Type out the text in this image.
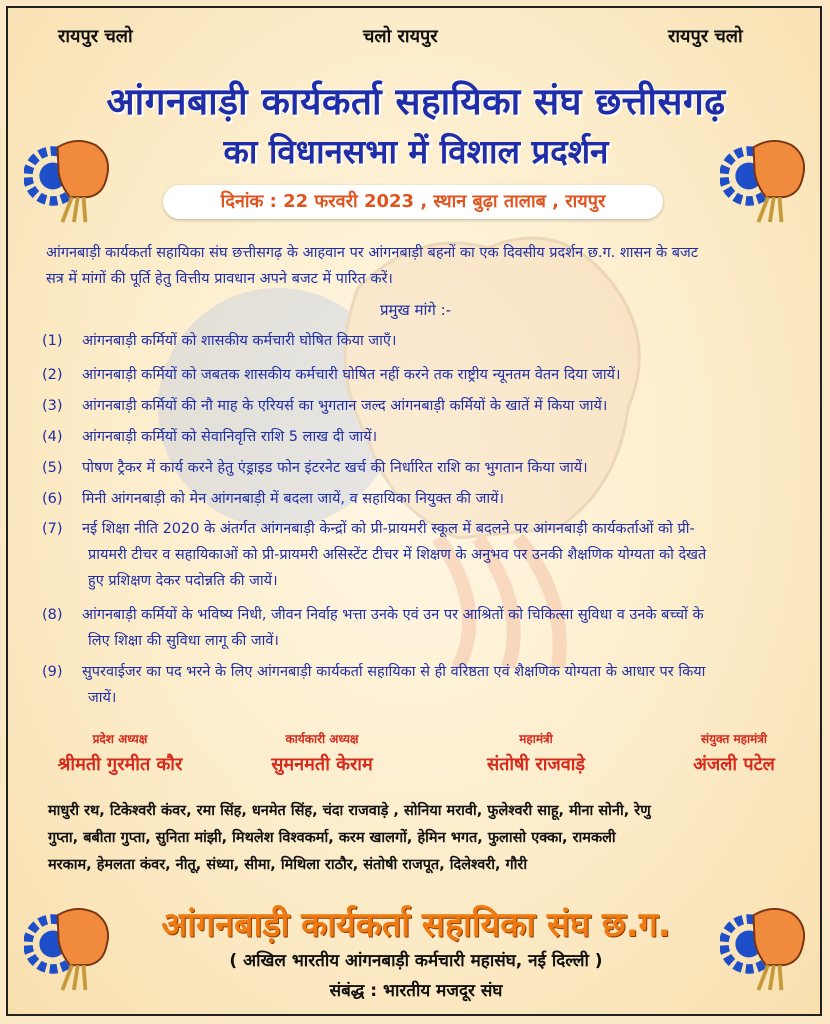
रायपुर चलो	चलो रायपुर	रायपुर चलो
आंगनबाड़ी कार्यकर्ता सहायिका संघ छत्तीसगढ़
का विधानसभा में विशाल प्रदर्शन
दिनांक : 22 फरवरी 2023 , स्थान बुढ़ा तालाब , रायपुर
आंगनबाड़ी कार्यकर्ता सहायिका संघ छत्तीसगढ़ के आहवान पर आंगनबाड़ी बहनों का एक दिवसीय प्रदर्शन छ.ग. शासन के बजट
सत्र में मांगों की पूर्ति हेतु वित्तीय प्रावधान अपने बजट में पारित करें।
प्रमुख मांगे :-
(1) आंगनबाड़ी कर्मियों को शासकीय कर्मचारी घोषित किया जाएँ।
(2) आंगनबाड़ी कर्मियों को जबतक शासकीय कर्मचारी घोषित नहीं करने तक राष्ट्रीय न्यूनतम वेतन दिया जायें।
(3) आंगनबाड़ी कर्मियों की नौ माह के एरियर्स का भुगतान जल्द आंगनबाड़ी कर्मियों के खातें में किया जायें।
(4) आंगनबाड़ी कर्मियों को सेवानिवृत्ति राशि 5 लाख दी जायें।
(5) पोषण ट्रैकर में कार्य करने हेतु एंड्राइड फोन इंटरनेट खर्च की निर्धारित राशि का भुगतान किया जायें।
(6) मिनी आंगनबाड़ी को मेन आंगनबाड़ी में बदला जायें, व सहायिका नियुक्त की जायें।
(7) नई शिक्षा नीति 2020 के अंतर्गत आंगनबाड़ी केन्द्रों को प्री-प्रायमरी स्कूल में बदलने पर आंगनबाड़ी कार्यकर्ताओं को प्री-
प्रायमरी टीचर व सहायिकाओं को प्री-प्रायमरी असिस्टेंट टीचर में शिक्षण के अनुभव पर उनकी शैक्षणिक योग्यता को देखते
हुए प्रशिक्षण देकर पदोन्नति की जायें।
(8) आंगनबाड़ी कर्मियों के भविष्य निधी, जीवन निर्वाह भत्ता उनके एवं उन पर आश्रितों को चिकित्सा सुविधा व उनके बच्चों के
लिए शिक्षा की सुविधा लागू की जावें।
(9) सुपरवाईजर का पद भरने के लिए आंगनबाड़ी कार्यकर्ता सहायिका से ही वरिष्ठता एवं शैक्षणिक योग्यता के आधार पर किया
जायें।
प्रदेश अध्यक्ष
श्रीमती गुरमीत कौर
कार्यकारी अध्यक्ष
सुमनमती केराम
महामंत्री
संतोषी राजवाड़े
संयुक्त महामंत्री
अंजली पटेल
माधुरी रथ, टिकेश्वरी कंवर, रमा सिंह, धनमेत सिंह, चंदा राजवाड़े , सोनिया मरावी, फुलेश्वरी साहू, मीना सोनी, रेणु
गुप्ता, बबीता गुप्ता, सुनिता मांझी, मिथलेश विश्वकर्मा, करम खालगों, हेमिन भगत, फुलासो एक्का, रामकली
मरकाम, हेमलता कंवर, नीतू, संध्या, सीमा, मिथिला राठौर, संतोषी राजपूत, दिलेश्वरी, गौरी
आंगनबाड़ी कार्यकर्ता सहायिका संघ छ.ग.
( अखिल भारतीय आंगनबाड़ी कर्मचारी महासंघ, नई दिल्ली )
संबंद्ध : भारतीय मजदूर संघ
